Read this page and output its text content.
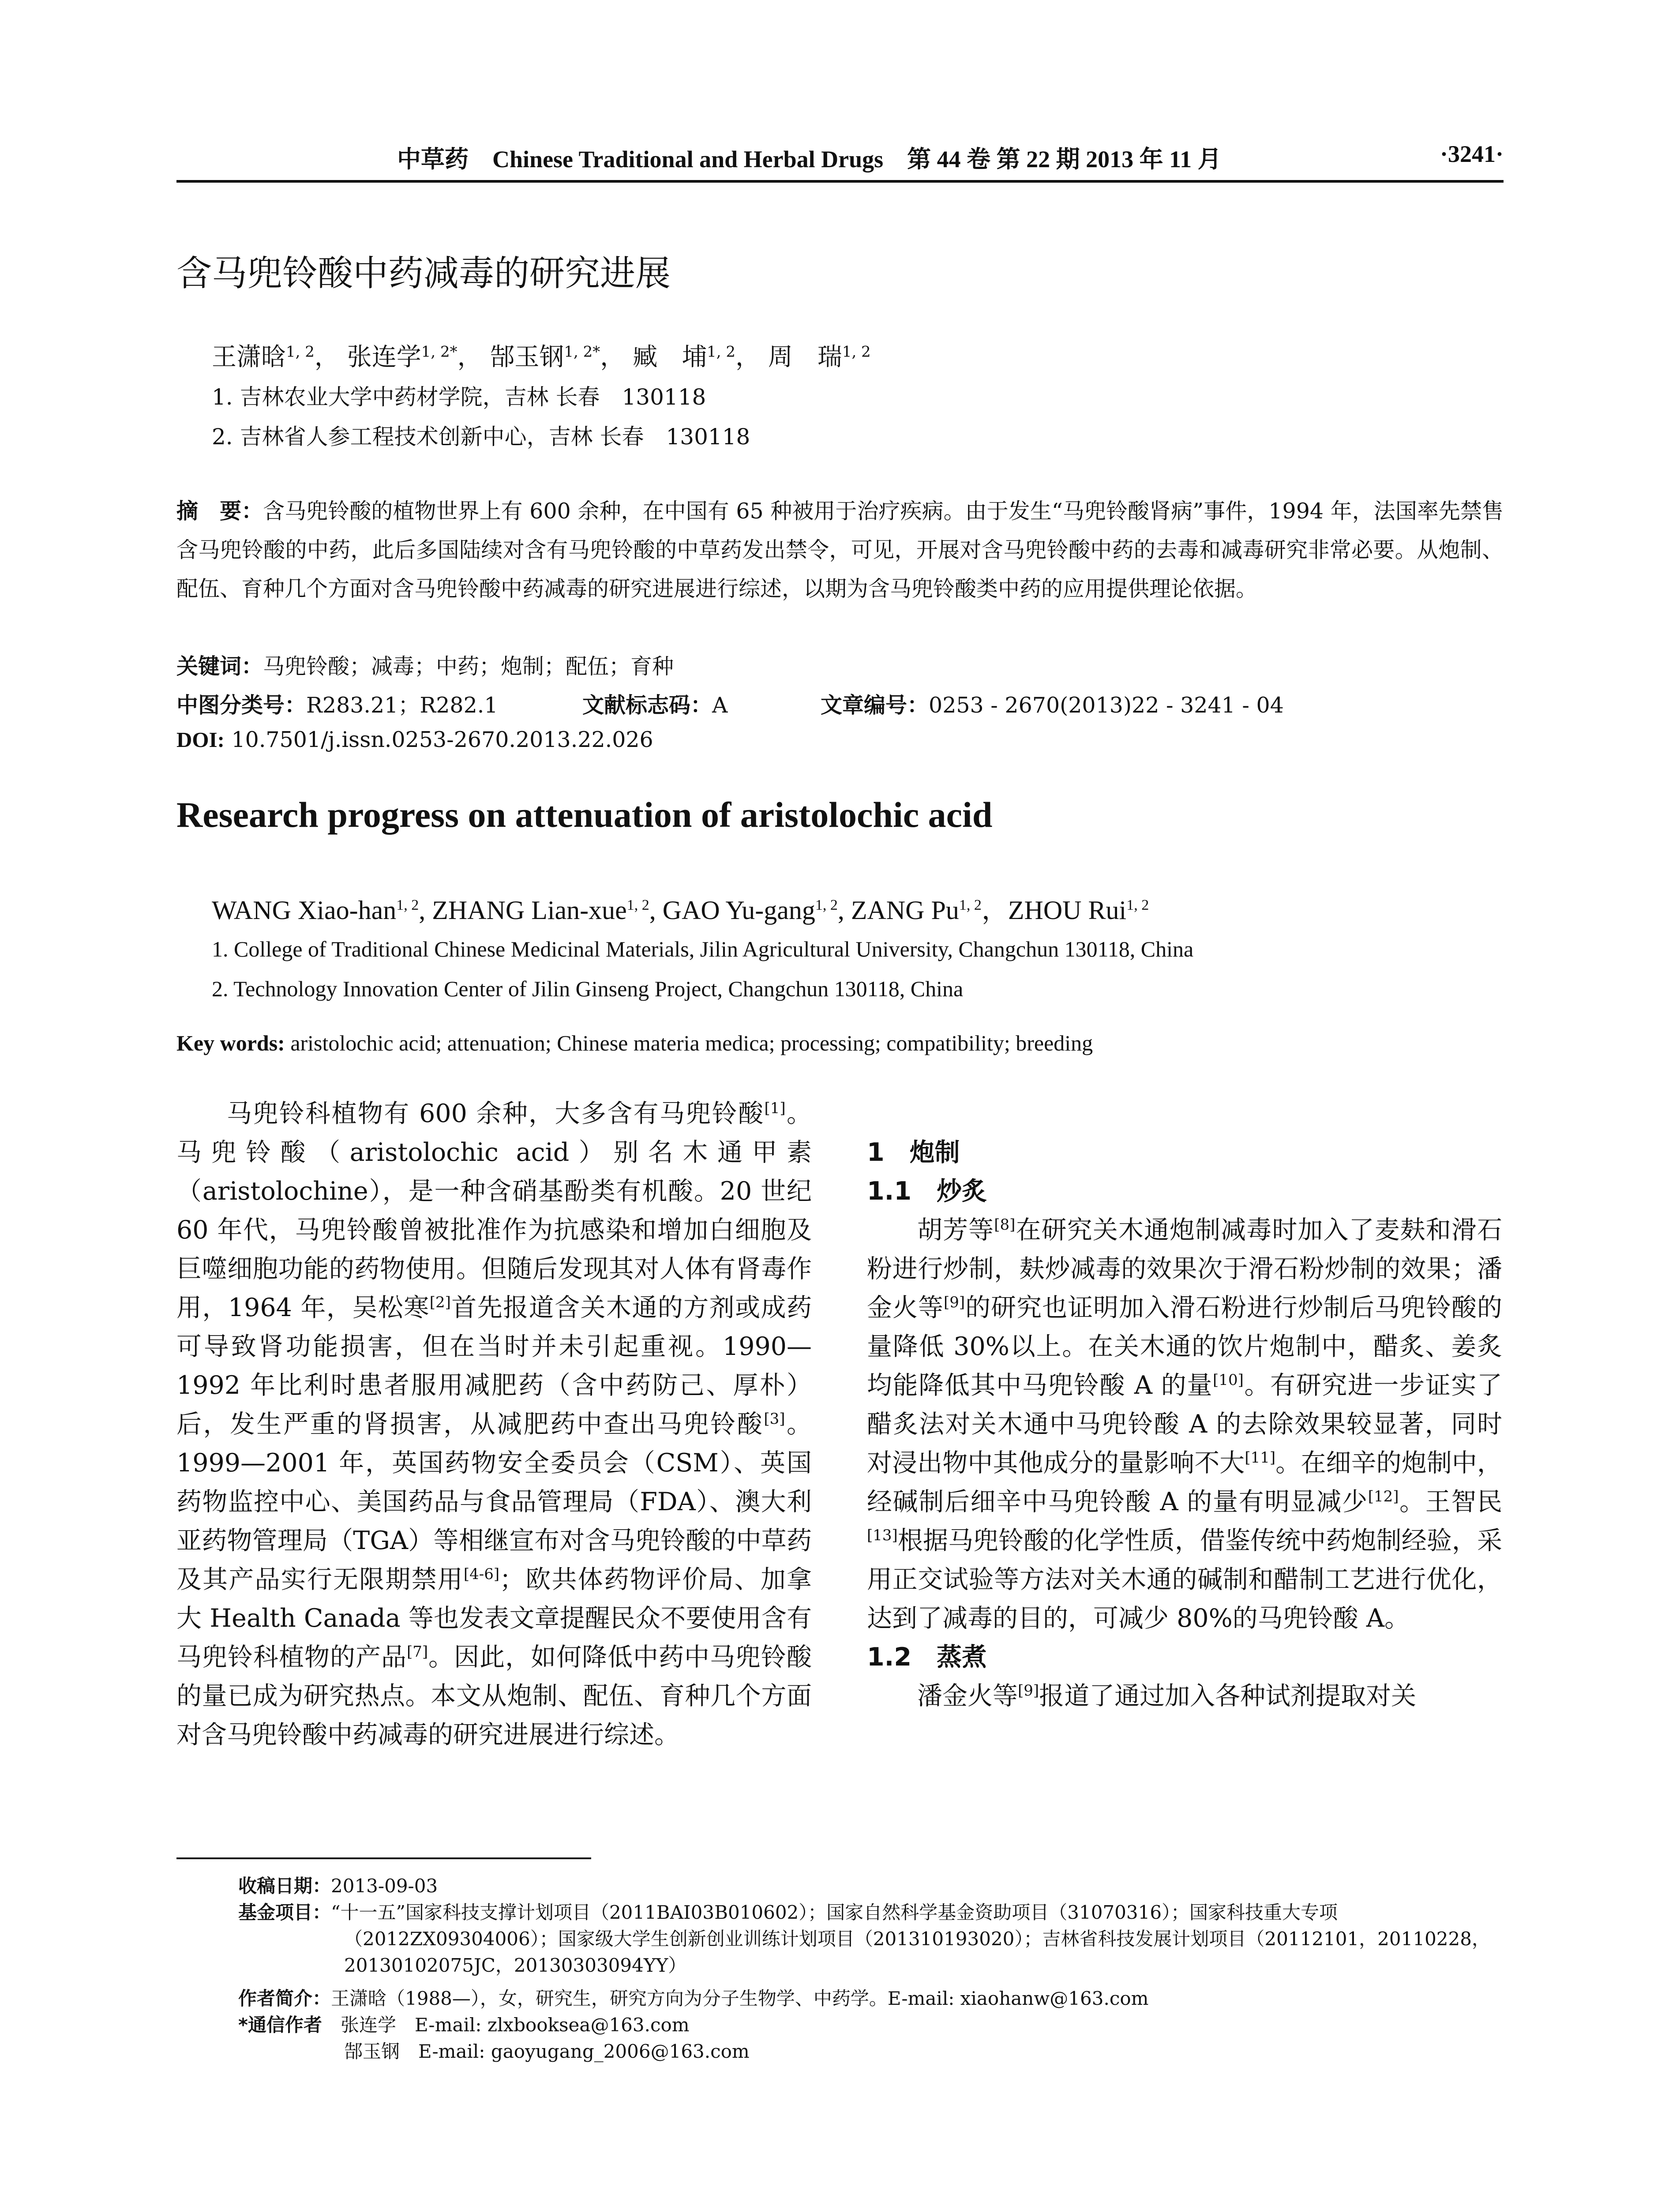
中草药　Chinese Traditional and Herbal Drugs　第 44 卷 第 22 期 2013 年 11 月	·3241·
含马兜铃酸中药减毒的研究进展
王潇晗$^{1, 2}$， 张连学$^{1, 2*}$， 郜玉钢$^{1, 2*}$， 臧　埔$^{1, 2}$， 周　瑞$^{1, 2}$
1. 吉林农业大学中药材学院，吉林 长春　130118
2. 吉林省人参工程技术创新中心，吉林 长春　130118
摘　要：含马兜铃酸的植物世界上有 600 余种，在中国有 65 种被用于治疗疾病。由于发生“马兜铃酸肾病”事件，1994 年，法国率先禁售含马兜铃酸的中药，此后多国陆续对含有马兜铃酸的中草药发出禁令，可见，开展对含马兜铃酸中药的去毒和减毒研究非常必要。从炮制、配伍、育种几个方面对含马兜铃酸中药减毒的研究进展进行综述，以期为含马兜铃酸类中药的应用提供理论依据。
关键词：马兜铃酸；减毒；中药；炮制；配伍；育种
中图分类号：R283.21；R282.1	文献标志码：A	文章编号：0253 - 2670(2013)22 - 3241 - 04
DOI: 10.7501/j.issn.0253-2670.2013.22.026
Research progress on attenuation of aristolochic acid
WANG Xiao-han$^{1, 2}$, ZHANG Lian-xue$^{1, 2}$, GAO Yu-gang$^{1, 2}$, ZANG Pu$^{1, 2}$，ZHOU Rui$^{1, 2}$
1. College of Traditional Chinese Medicinal Materials, Jilin Agricultural University, Changchun 130118, China
2. Technology Innovation Center of Jilin Ginseng Project, Changchun 130118, China
Key words: aristolochic acid; attenuation; Chinese materia medica; processing; compatibility; breeding

马兜铃科植物有 600 余种，大多含有马兜铃酸[1]。马兜铃酸（aristolochic acid）别名木通甲素（aristolochine），是一种含硝基酚类有机酸。20 世纪 60 年代，马兜铃酸曾被批准作为抗感染和增加白细胞及巨噬细胞功能的药物使用。但随后发现其对人体有肾毒作用，1964 年，吴松寒[2]首先报道含关木通的方剂或成药可导致肾功能损害，但在当时并未引起重视。1990—1992 年比利时患者服用减肥药（含中药防己、厚朴）后，发生严重的肾损害，从减肥药中查出马兜铃酸[3]。1999—2001 年，英国药物安全委员会（CSM）、英国药物监控中心、美国药品与食品管理局（FDA）、澳大利亚药物管理局（TGA）等相继宣布对含马兜铃酸的中草药及其产品实行无限期禁用[4-6]；欧共体药物评价局、加拿大 Health Canada 等也发表文章提醒民众不要使用含有马兜铃科植物的产品[7]。因此，如何降低中药中马兜铃酸的量已成为研究热点。本文从炮制、配伍、育种几个方面对含马兜铃酸中药减毒的研究进展进行综述。

1　炮制
1.1　炒炙

胡芳等[8]在研究关木通炮制减毒时加入了麦麸和滑石粉进行炒制，麸炒减毒的效果次于滑石粉炒制的效果；潘金火等[9]的研究也证明加入滑石粉进行炒制后马兜铃酸的量降低 30%以上。在关木通的饮片炮制中，醋炙、姜炙均能降低其中马兜铃酸 A 的量[10]。有研究进一步证实了醋炙法对关木通中马兜铃酸 A 的去除效果较显著，同时对浸出物中其他成分的量影响不大[11]。在细辛的炮制中，经碱制后细辛中马兜铃酸 A 的量有明显减少[12]。王智民[13]根据马兜铃酸的化学性质，借鉴传统中药炮制经验，采用正交试验等方法对关木通的碱制和醋制工艺进行优化，达到了减毒的目的，可减少 80%的马兜铃酸 A。

1.2　蒸煮

潘金火等[9]报道了通过加入各种试剂提取对关

收稿日期：2013-09-03
基金项目：“十一五”国家科技支撑计划项目（2011BAI03B010602）；国家自然科学基金资助项目（31070316）；国家科技重大专项
（2012ZX09304006）；国家级大学生创新创业训练计划项目（201310193020）；吉林省科技发展计划项目（20112101，20110228，
20130102075JC，20130303094YY）
作者简介：王潇晗（1988—），女，研究生，研究方向为分子生物学、中药学。E-mail: xiaohanw@163.com
*通信作者　 张连学　E-mail: zlxbooksea@163.com
郜玉钢　E-mail: gaoyugang_2006@163.com
